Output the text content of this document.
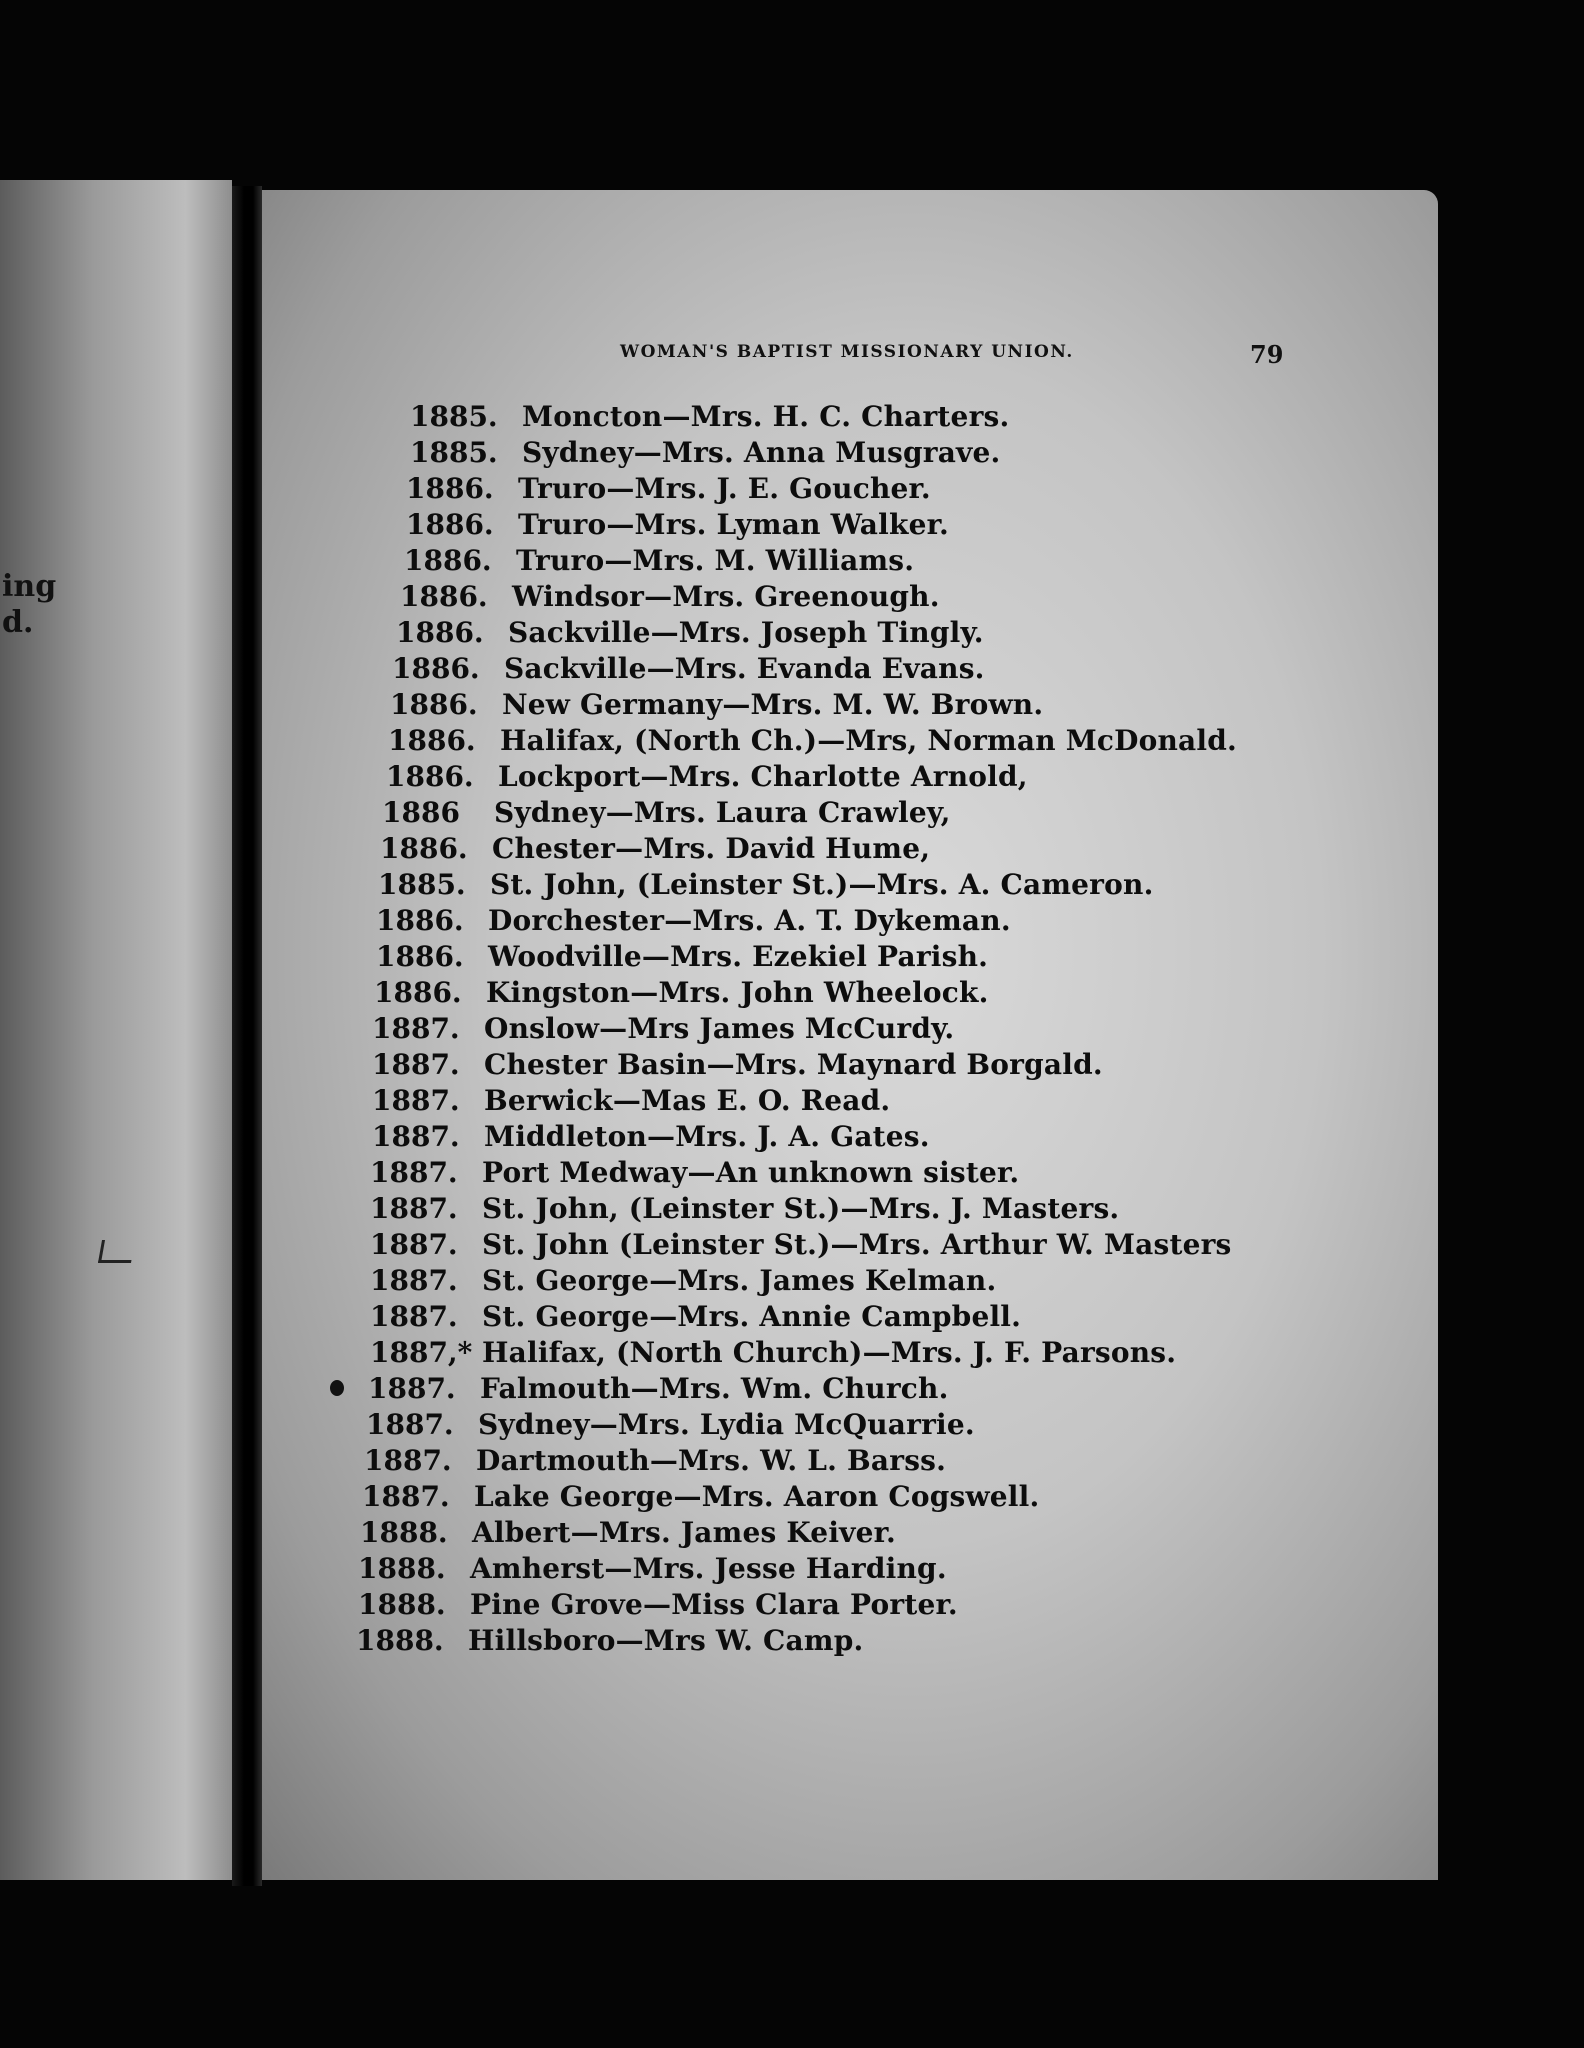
ing
d.
WOMAN'S BAPTIST MISSIONARY UNION.	79
1885. Moncton—Mrs. H. C. Charters.
1885. Sydney—Mrs. Anna Musgrave.
1886. Truro—Mrs. J. E. Goucher.
1886. Truro—Mrs. Lyman Walker.
1886. Truro—Mrs. M. Williams.
1886. Windsor—Mrs. Greenough.
1886. Sackville—Mrs. Joseph Tingly.
1886. Sackville—Mrs. Evanda Evans.
1886. New Germany—Mrs. M. W. Brown.
1886. Halifax, (North Ch.)—Mrs, Norman McDonald.
1886. Lockport—Mrs. Charlotte Arnold,
1886	Sydney—Mrs. Laura Crawley,
1886. Chester—Mrs. David Hume,
1885. St. John, (Leinster St.)—Mrs. A. Cameron.
1886. Dorchester—Mrs. A. T. Dykeman.
1886. Woodville—Mrs. Ezekiel Parish.
1886. Kingston—Mrs. John Wheelock.
1887. Onslow—Mrs James McCurdy.
1887. Chester Basin—Mrs. Maynard Borgald.
1887. Berwick—Mas E. O. Read.
1887. Middleton—Mrs. J. A. Gates.
1887. Port Medway—An unknown sister.
1887. St. John, (Leinster St.)—Mrs. J. Masters.
1887. St. John (Leinster St.)—Mrs. Arthur W. Masters
1887. St. George—Mrs. James Kelman.
1887. St. George—Mrs. Annie Campbell.
1887,* Halifax, (North Church)—Mrs. J. F. Parsons.
1887. Falmouth—Mrs. Wm. Church.
1887. Sydney—Mrs. Lydia McQuarrie.
1887. Dartmouth—Mrs. W. L. Barss.
1887. Lake George—Mrs. Aaron Cogswell.
1888. Albert—Mrs. James Keiver.
1888. Amherst—Mrs. Jesse Harding.
1888. Pine Grove—Miss Clara Porter.
1888. Hillsboro—Mrs W. Camp.
